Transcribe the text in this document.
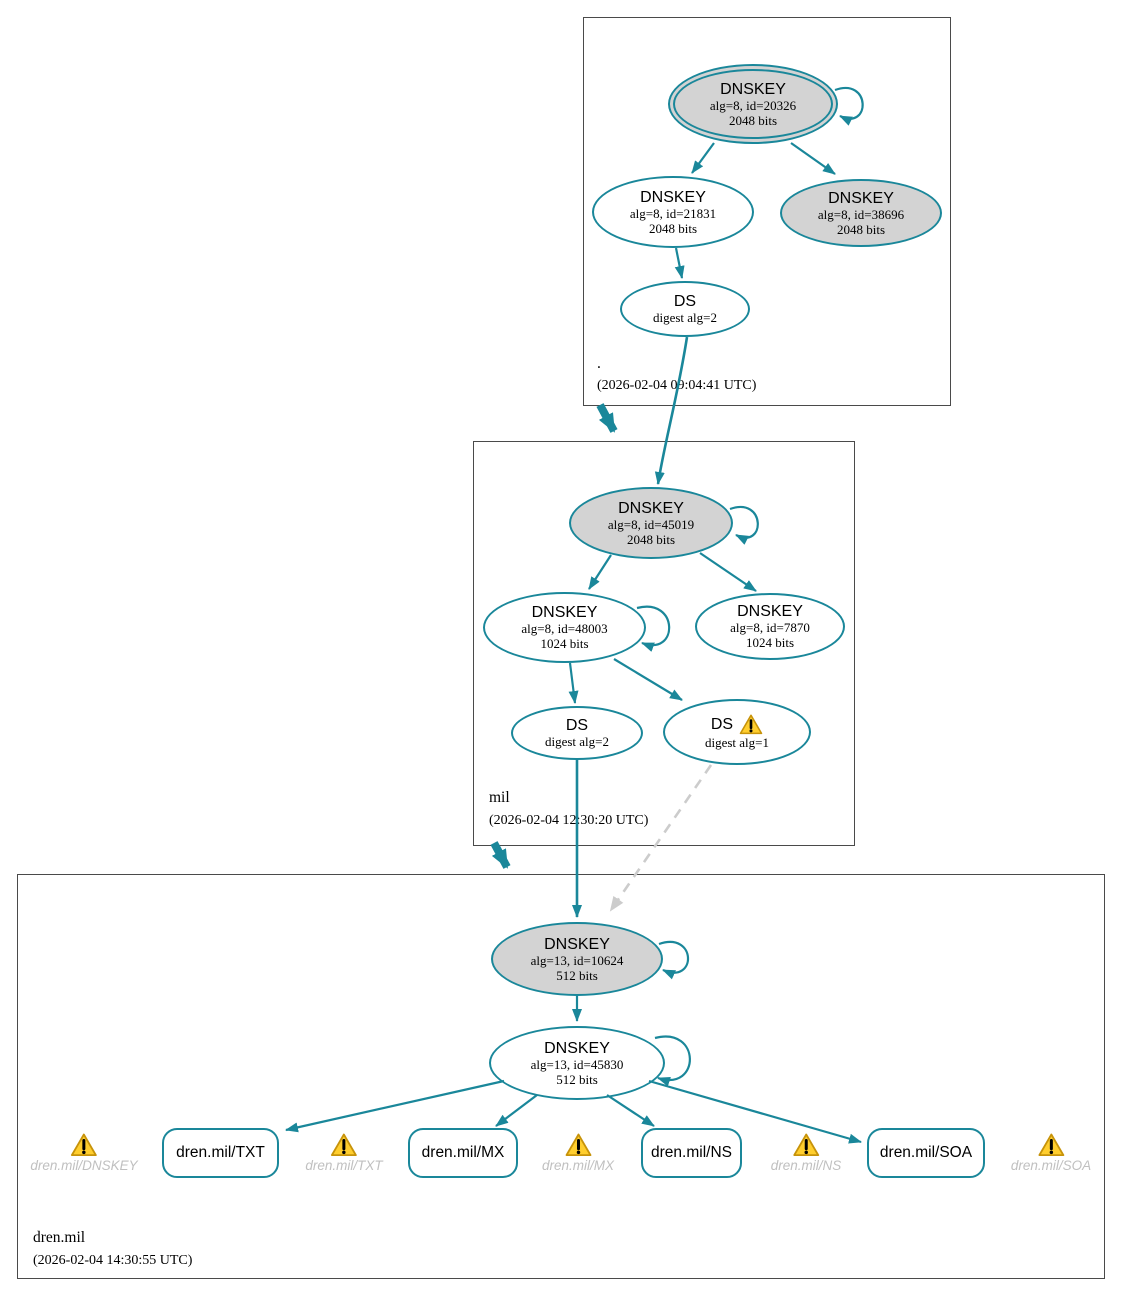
.
(2026-02-04 09:04:41 UTC)
mil
(2026-02-04 12:30:20 UTC)
dren.mil
(2026-02-04 14:30:55 UTC)
DNSKEY
alg=8, id=20326
2048 bits
DNSKEY
alg=8, id=21831
2048 bits
DNSKEY
alg=8, id=38696
2048 bits
DS
digest alg=2
DNSKEY
alg=8, id=45019
2048 bits
DNSKEY
alg=8, id=48003
1024 bits
DNSKEY
alg=8, id=7870
1024 bits
DS
digest alg=2
DS
digest alg=1
DNSKEY
alg=13, id=10624
512 bits
DNSKEY
alg=13, id=45830
512 bits
dren.mil/TXT	dren.mil/MX	dren.mil/NS	dren.mil/SOA
dren.mil/DNSKEY	dren.mil/TXT	dren.mil/MX	dren.mil/NS	dren.mil/SOA
